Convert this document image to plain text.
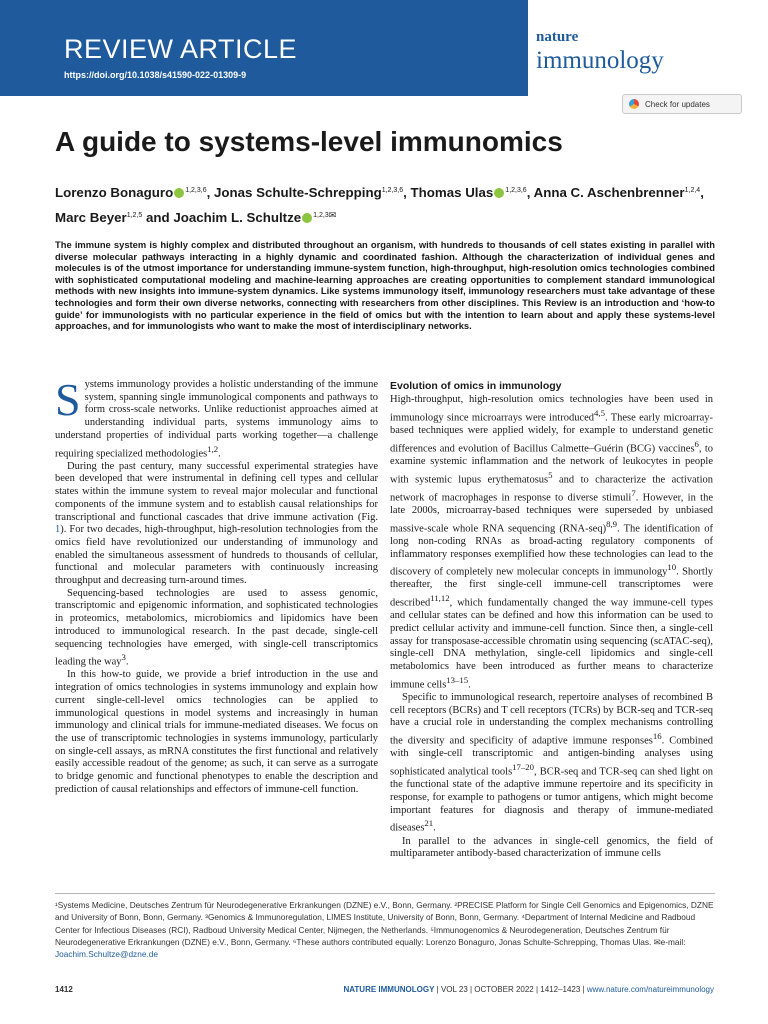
REVIEW ARTICLE
https://doi.org/10.1038/s41590-022-01309-9
nature
immunology
Check for updates
A guide to systems-level immunomics
Lorenzo Bonaguro $^{1,2,3,6}$, Jonas Schulte-Schrepping$^{1,2,3,6}$, Thomas Ulas $^{1,2,3,6}$, Anna C. Aschenbrenner$^{1,2,4}$, Marc Beyer$^{1,2,5}$ and Joachim L. Schultze $^{1,2,3✉}$

The immune system is highly complex and distributed throughout an organism, with hundreds to thousands of cell states existing in parallel with diverse molecular pathways interacting in a highly dynamic and coordinated fashion. Although the characterization of individual genes and molecules is of the utmost importance for understanding immune-system function, high-throughput, high-resolution omics technologies combined with sophisticated computational modeling and machine-learning approaches are creating opportunities to complement standard immunological methods with new insights into immune-system dynamics. Like systems immunology itself, immunology researchers must take advantage of these technologies and form their own diverse networks, connecting with researchers from other disciplines. This Review is an introduction and ‘how-to guide’ for immunologists with no particular experience in the field of omics but with the intention to learn about and apply these systems-level approaches, and for immunologists who want to make the most of interdisciplinary networks.

Systems immunology provides a holistic understanding of the immune system, spanning single immunological components and pathways to form cross-scale networks. Unlike reductionist approaches aimed at understanding individual parts, systems immunology aims to understand properties of individual parts working together—a challenge requiring specialized methodologies$^{1,2}$.

During the past century, many successful experimental strategies have been developed that were instrumental in defining cell types and cellular states within the immune system to reveal major molecular and functional components of the immune system and to establish causal relationships for transcriptional and functional cascades that drive immune activation (Fig. 1). For two decades, high-throughput, high-resolution technologies from the omics field have revolutionized our understanding of immunology and enabled the simultaneous assessment of hundreds to thousands of cellular, functional and molecular parameters with continuously increasing throughput and decreasing turn-around times.

Sequencing-based technologies are used to assess genomic, transcriptomic and epigenomic information, and sophisticated technologies in proteomics, metabolomics, microbiomics and lipidomics have been introduced to immunological research. In the past decade, single-cell sequencing technologies have emerged, with single-cell transcriptomics leading the way$^3$.

In this how-to guide, we provide a brief introduction in the use and integration of omics technologies in systems immunology and explain how current single-cell-level omics technologies can be applied to immunological questions in model systems and increasingly in human immunology and clinical trials for immune-mediated diseases. We focus on the use of transcriptomic technologies in systems immunology, particularly on single-cell assays, as mRNA constitutes the first functional and relatively easily accessible readout of the genome; as such, it can serve as a surrogate to bridge genomic and functional phenotypes to enable the description and prediction of causal relationships and effectors of immune-cell function.

Evolution of omics in immunology

High-throughput, high-resolution omics technologies have been used in immunology since microarrays were introduced$^{4,5}$. These early microarray-based techniques were applied widely, for example to understand genetic differences and evolution of Bacillus Calmette–Guérin (BCG) vaccines$^6$, to examine systemic inflammation and the network of leukocytes in people with systemic lupus erythematosus$^5$ and to characterize the activation network of macrophages in response to diverse stimuli$^7$. However, in the late 2000s, microarray-based techniques were superseded by unbiased massive-scale whole RNA sequencing $(RNA-seq)^{8,9}$. The identification of long non-coding RNAs as broad-acting regulatory components of inflammatory responses exemplified how these technologies can lead to the discovery of completely new molecular concepts in immunology$^{10}$. Shortly thereafter, the first single-cell immune-cell transcriptomes were described$^{11,12}$, which fundamentally changed the way immune-cell types and cellular states can be defined and how this information can be used to predict cellular activity and immune-cell function. Since then, a single-cell assay for transposase-accessible chromatin using sequencing (scATAC-seq), single-cell DNA methylation, single-cell lipidomics and single-cell metabolomics have been introduced as further means to characterize immune cells$^{13-15}$.

Specific to immunological research, repertoire analyses of recombined B cell receptors (BCRs) and T cell receptors (TCRs) by BCR-seq and TCR-seq have a crucial role in understanding the complex mechanisms controlling the diversity and specificity of adaptive immune responses$^{16}$. Combined with single-cell transcriptomic and antigen-binding analyses using sophisticated analytical tools$^{17-20}$, BCR-seq and TCR-seq can shed light on the functional state of the adaptive immune repertoire and its specificity in response, for example to pathogens or tumor antigens, which might become important features for diagnosis and therapy of immune-mediated diseases$^{21}$.

In parallel to the advances in single-cell genomics, the field of multiparameter antibody-based characterization of immune cells

¹Systems Medicine, Deutsches Zentrum für Neurodegenerative Erkrankungen (DZNE) e.V., Bonn, Germany. ²PRECISE Platform for Single Cell Genomics and Epigenomics, DZNE and University of Bonn, Bonn, Germany. ³Genomics & Immunoregulation, LIMES Institute, University of Bonn, Bonn, Germany. ⁴Department of Internal Medicine and Radboud Center for Infectious Diseases (RCI), Radboud University Medical Center, Nijmegen, the Netherlands. ⁵Immunogenomics & Neurodegeneration, Deutsches Zentrum für Neurodegenerative Erkrankungen (DZNE) e.V., Bonn, Germany. ⁶These authors contributed equally: Lorenzo Bonaguro, Jonas Schulte-Schrepping, Thomas Ulas. ✉e-mail: Joachim.Schultze@dzne.de
1412	NATURE IMMUNOLOGY | VOL 23 | OCTOBER 2022 | 1412–1423 | www.nature.com/natureimmunology
